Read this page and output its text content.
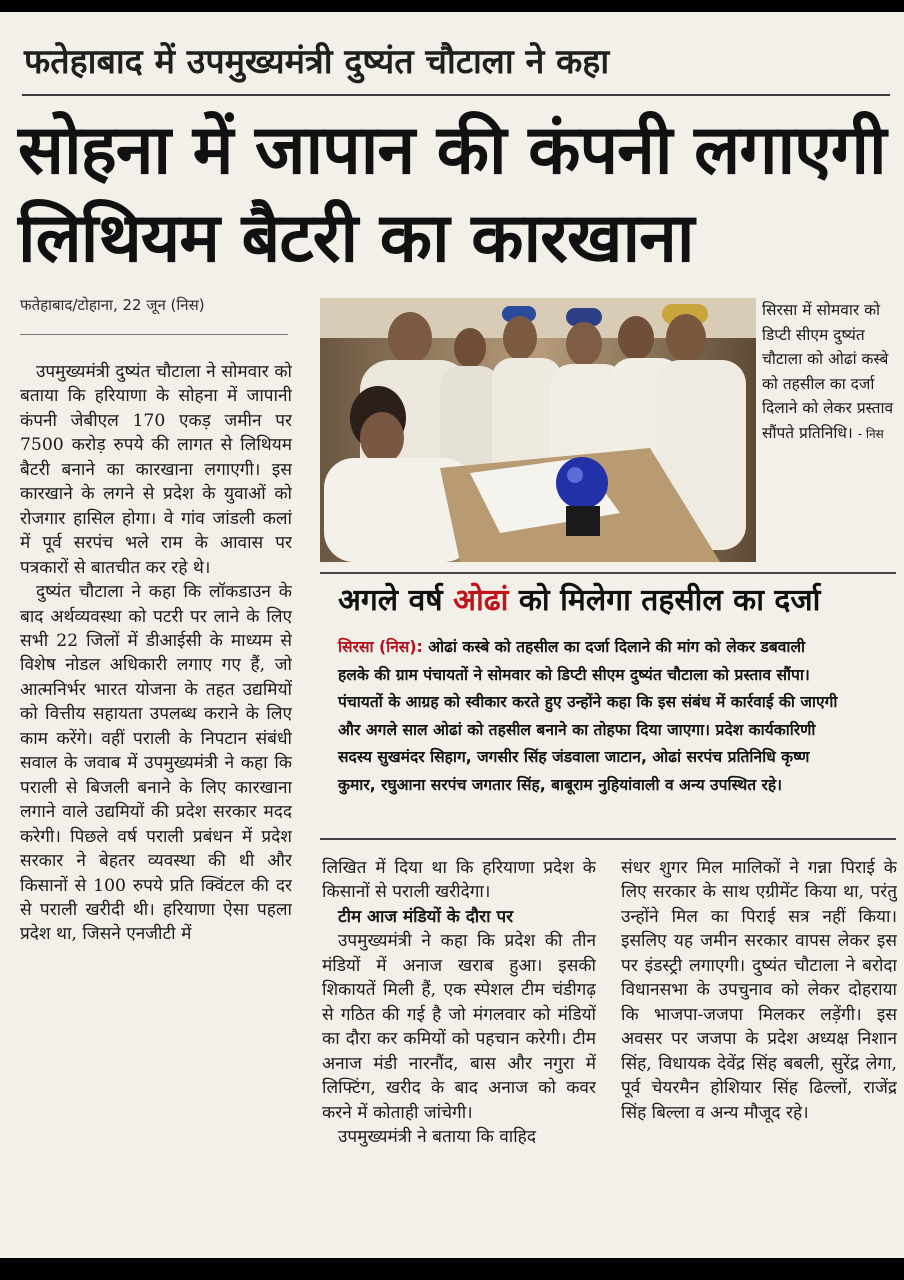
फतेहाबाद में उपमुख्यमंत्री दुष्यंत चौटाला ने कहा
सोहना में जापान की कंपनी लगाएगी
लिथियम बैटरी का कारखाना
फतेहाबाद/टोहाना, 22 जून (निस)

उपमुख्यमंत्री दुष्यंत चौटाला ने सोमवार को बताया कि हरियाणा के सोहना में जापानी कंपनी जेबीएल 170 एकड़ जमीन पर 7500 करोड़ रुपये की लागत से लिथियम बैटरी बनाने का कारखाना लगाएगी। इस कारखाने के लगने से प्रदेश के युवाओं को रोजगार हासिल होगा। वे गांव जांडली कलां में पूर्व सरपंच भले राम के आवास पर पत्रकारों से बातचीत कर रहे थे।

दुष्यंत चौटाला ने कहा कि लॉकडाउन के बाद अर्थव्यवस्था को पटरी पर लाने के लिए सभी 22 जिलों में डीआईसी के माध्यम से विशेष नोडल अधिकारी लगाए गए हैं, जो आत्मनिर्भर भारत योजना के तहत उद्यमियों को वित्तीय सहायता उपलब्ध कराने के लिए काम करेंगे। वहीं पराली के निपटान संबंधी सवाल के जवाब में उपमुख्यमंत्री ने कहा कि पराली से बिजली बनाने के लिए कारखाना लगाने वाले उद्यमियों की प्रदेश सरकार मदद करेगी। पिछले वर्ष पराली प्रबंधन में प्रदेश सरकार ने बेहतर व्यवस्था की थी और किसानों से 100 रुपये प्रति क्विंटल की दर से पराली खरीदी थी। हरियाणा ऐसा पहला प्रदेश था, जिसने एनजीटी में

सिरसा में सोमवार को डिप्टी सीएम दुष्यंत चौटाला को ओढां कस्बे को तहसील का दर्जा दिलाने को लेकर प्रस्ताव सौंपते प्रतिनिधि। - निस
अगले वर्ष ओढां को मिलेगा तहसील का दर्जा
सिरसा (निस): ओढां कस्बे को तहसील का दर्जा दिलाने की मांग को लेकर डबवाली
हलके की ग्राम पंचायतों ने सोमवार को डिप्टी सीएम दुष्यंत चौटाला को प्रस्ताव सौंपा।
पंचायतों के आग्रह को स्वीकार करते हुए उन्होंने कहा कि इस संबंध में कार्रवाई की जाएगी
और अगले साल ओढां को तहसील बनाने का तोहफा दिया जाएगा। प्रदेश कार्यकारिणी
सदस्य सुखमंदर सिहाग, जगसीर सिंह जंडवाला जाटान, ओढां सरपंच प्रतिनिधि कृष्ण
कुमार, रघुआना सरपंच जगतार सिंह, बाबूराम नुहियांवाली व अन्य उपस्थित रहे।

लिखित में दिया था कि हरियाणा प्रदेश के किसानों से पराली खरीदेगा।

टीम आज मंडियों के दौरा पर

उपमुख्यमंत्री ने कहा कि प्रदेश की तीन मंडियों में अनाज खराब हुआ। इसकी शिकायतें मिली हैं, एक स्पेशल टीम चंडीगढ़ से गठित की गई है जो मंगलवार को मंडियों का दौरा कर कमियों को पहचान करेगी। टीम अनाज मंडी नारनौंद, बास और नगुरा में लिफ्टिंग, खरीद के बाद अनाज को कवर करने में कोताही जांचेगी।

उपमुख्यमंत्री ने बताया कि वाहिद

संधर शुगर मिल मालिकों ने गन्ना पिराई के लिए सरकार के साथ एग्रीमेंट किया था, परंतु उन्होंने मिल का पिराई सत्र नहीं किया। इसलिए यह जमीन सरकार वापस लेकर इस पर इंडस्ट्री लगाएगी। दुष्यंत चौटाला ने बरोदा विधानसभा के उपचुनाव को लेकर दोहराया कि भाजपा-जजपा मिलकर लड़ेंगी। इस अवसर पर जजपा के प्रदेश अध्यक्ष निशान सिंह, विधायक देवेंद्र सिंह बबली, सुरेंद्र लेगा, पूर्व चेयरमैन होशियार सिंह ढिल्लों, राजेंद्र सिंह बिल्ला व अन्य मौजूद रहे।
